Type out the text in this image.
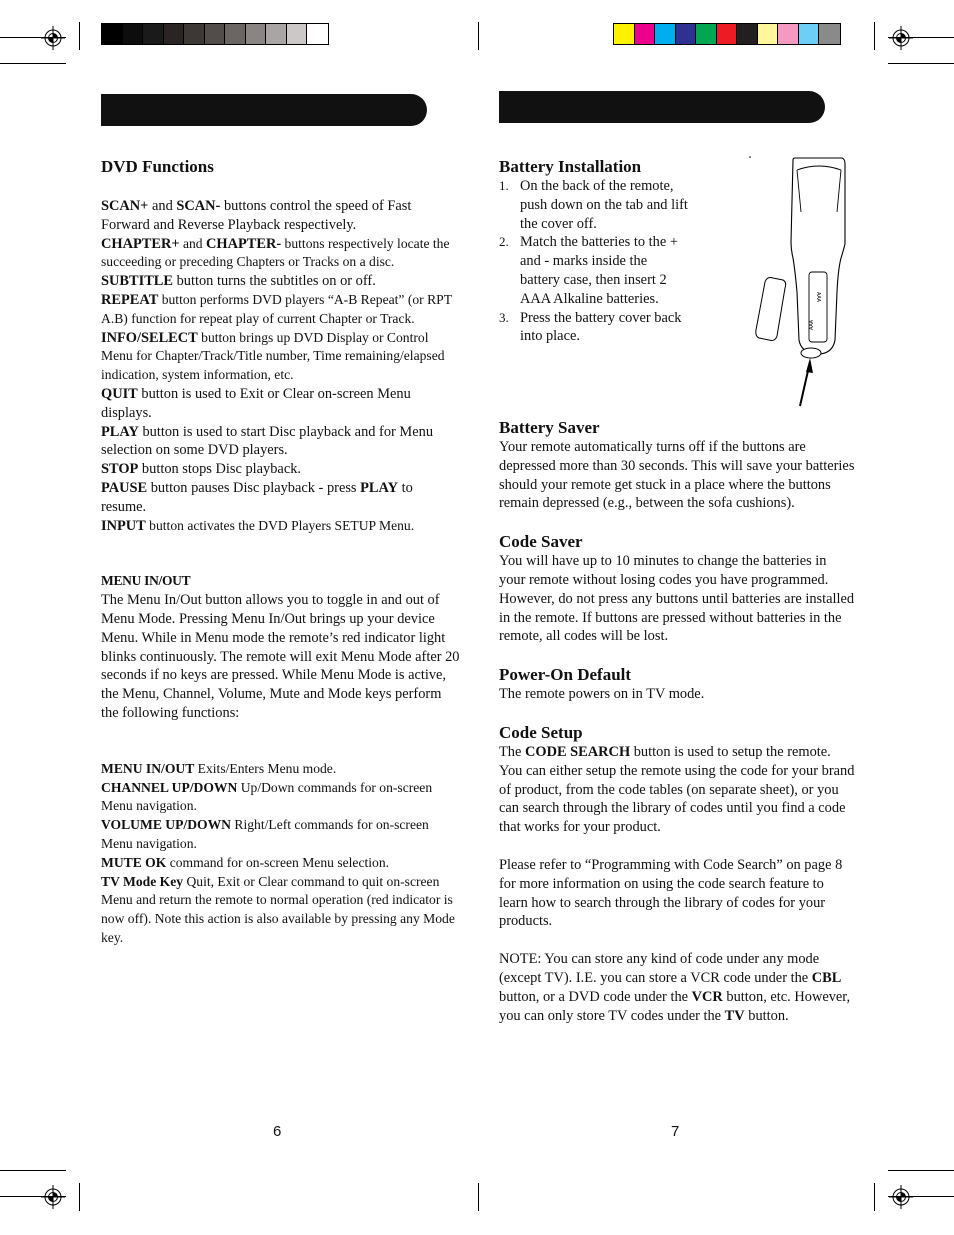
DVD Functions

SCAN+ and SCAN- buttons control the speed of Fast Forward and Reverse Playback respectively.

CHAPTER+ and CHAPTER- buttons respectively locate the succeeding or preceding Chapters or Tracks on a disc.

SUBTITLE button turns the subtitles on or off.

REPEAT button performs DVD players “A-B Repeat” (or RPT A.B) function for repeat play of current Chapter or Track.

INFO/SELECT button brings up DVD Display or Control Menu for Chapter/Track/Title number, Time remaining/elapsed indication, system information, etc.

QUIT button is used to Exit or Clear on-screen Menu displays.

PLAY button is used to start Disc playback and for Menu selection on some DVD players.

STOP button stops Disc playback.

PAUSE button pauses Disc playback - press PLAY to resume.

INPUT button activates the DVD Players SETUP Menu.

MENU IN/OUT

The Menu In/Out button allows you to toggle in and out of Menu Mode. Pressing Menu In/Out brings up your device Menu. While in Menu mode the remote’s red indicator light blinks continuously. The remote will exit Menu Mode after 20 seconds if no keys are pressed. While Menu Mode is active, the Menu, Channel, Volume, Mute and Mode keys perform the following functions:

MENU IN/OUT Exits/Enters Menu mode.

CHANNEL UP/DOWN Up/Down commands for on-screen Menu navigation.

VOLUME UP/DOWN Right/Left commands for on-screen Menu navigation.

MUTE OK command for on-screen Menu selection.

TV Mode Key Quit, Exit or Clear command to quit on-screen Menu and return the remote to normal operation (red indicator is now off). Note this action is also available by pressing any Mode key.

Battery Installation

1. On the back of the remote, push down on the tab and lift the cover off.
2. Match the batteries to the + and - marks inside the battery case, then insert 2 AAA Alkaline batteries.
3. Press the battery cover back into place.
AAA
AAA

Battery Saver

Your remote automatically turns off if the buttons are depressed more than 30 seconds. This will save your batteries should your remote get stuck in a place where the buttons remain depressed (e.g., between the sofa cushions).

Code Saver

You will have up to 10 minutes to change the batteries in your remote without losing codes you have programmed. However, do not press any buttons until batteries are installed in the remote. If buttons are pressed without batteries in the remote, all codes will be lost.

Power-On Default

The remote powers on in TV mode.

Code Setup

The CODE SEARCH button is used to setup the remote. You can either setup the remote using the code for your brand of product, from the code tables (on separate sheet), or you can search through the library of codes until you find a code that works for your product.

Please refer to “Programming with Code Search” on page 8 for more information on using the code search feature to learn how to search through the library of codes for your products.

NOTE: You can store any kind of code under any mode (except TV). I.E. you can store a VCR code under the CBL button, or a DVD code under the VCR button, etc. However, you can only store TV codes under the TV button.

6	7
